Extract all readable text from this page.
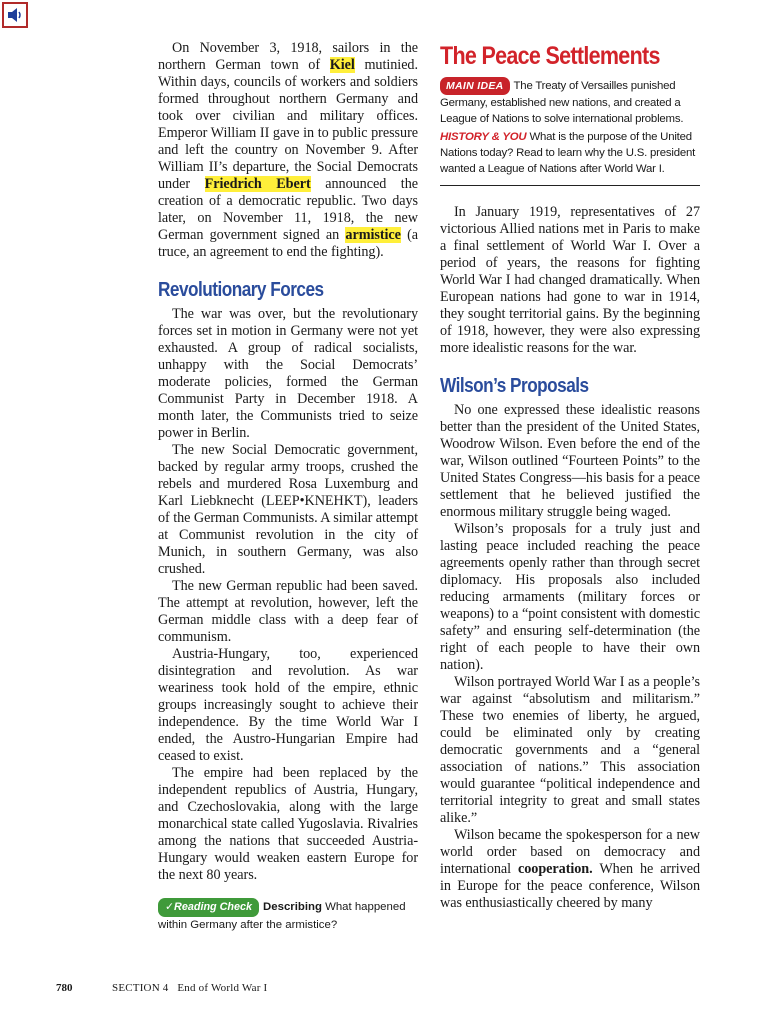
On November 3, 1918, sailors in the northern German town of Kiel mutinied. Within days, councils of workers and soldiers formed throughout northern Germany and took over civilian and military offices. Emperor William II gave in to public pressure and left the country on November 9. After William II’s departure, the Social Democrats under Friedrich Ebert announced the creation of a democratic republic. Two days later, on November 11, 1918, the new German government signed an armistice (a truce, an agreement to end the fighting).

Revolutionary Forces

The war was over, but the revolutionary forces set in motion in Germany were not yet exhausted. A group of radical socialists, unhappy with the Social Democrats’ moderate policies, formed the German Communist Party in December 1918. A month later, the Communists tried to seize power in Berlin.

The new Social Democratic government, backed by regular army troops, crushed the rebels and murdered Rosa Luxemburg and Karl Liebknecht (LEEP•KNEHKT), leaders of the German Communists. A similar attempt at Communist revolution in the city of Munich, in southern Germany, was also crushed.

The new German republic had been saved. The attempt at revolution, however, left the German middle class with a deep fear of communism.

Austria-Hungary, too, experienced disintegration and revolution. As war weariness took hold of the empire, ethnic groups increasingly sought to achieve their independence. By the time World War I ended, the Austro-Hungarian Empire had ceased to exist.

The empire had been replaced by the independent republics of Austria, Hungary, and Czechoslovakia, along with the large monarchical state called Yugoslavia. Rivalries among the nations that succeeded Austria-Hungary would weaken eastern Europe for the next 80 years.

✓Reading Check Describing What happened within Germany after the armistice?
The Peace Settlements
MAIN IDEA The Treaty of Versailles punished Germany, established new nations, and created a League of Nations to solve international problems.
HISTORY & YOU What is the purpose of the United Nations today? Read to learn why the U.S. president wanted a League of Nations after World War I.

In January 1919, representatives of 27 victorious Allied nations met in Paris to make a final settlement of World War I. Over a period of years, the reasons for fighting World War I had changed dramatically. When European nations had gone to war in 1914, they sought territorial gains. By the beginning of 1918, however, they were also expressing more idealistic reasons for the war.

Wilson’s Proposals

No one expressed these idealistic reasons better than the president of the United States, Woodrow Wilson. Even before the end of the war, Wilson outlined “Fourteen Points” to the United States Congress—his basis for a peace settlement that he believed justified the enormous military struggle being waged.

Wilson’s proposals for a truly just and lasting peace included reaching the peace agreements openly rather than through secret diplomacy. His proposals also included reducing armaments (military forces or weapons) to a “point consistent with domestic safety” and ensuring self-determination (the right of each people to have their own nation).

Wilson portrayed World War I as a people’s war against “absolutism and militarism.” These two enemies of liberty, he argued, could be eliminated only by creating democratic governments and a “general association of nations.” This association would guarantee “political independence and territorial integrity to great and small states alike.”

Wilson became the spokesperson for a new world order based on democracy and international cooperation. When he arrived in Europe for the peace conference, Wilson was enthusiastically cheered by many

780	SECTION 4 End of World War I
